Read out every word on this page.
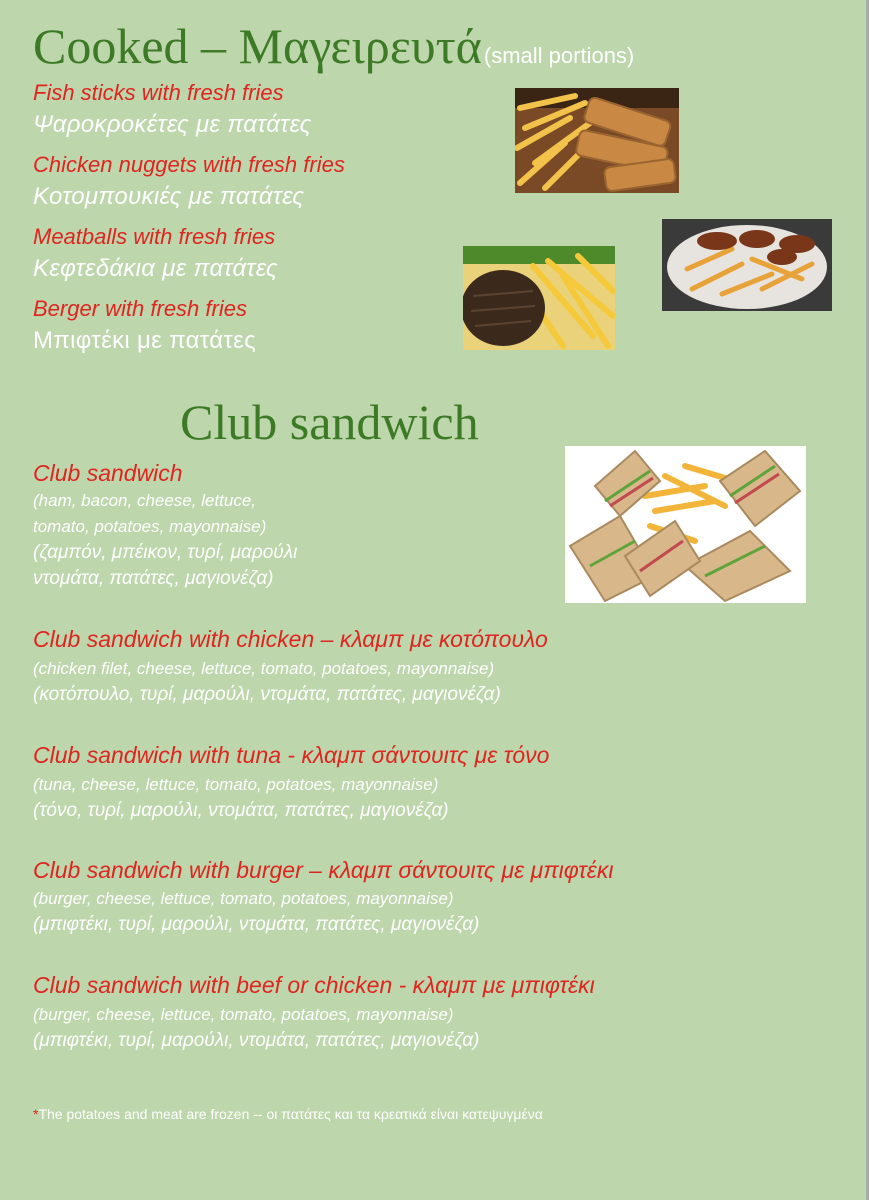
Cooked – Μαγειρευτά(small portions)
Fish sticks with fresh fries
Ψαροκροκέτες με πατάτες
Chicken nuggets with fresh fries
Κοτομπουκιές με πατάτες
Meatballs with fresh fries
Κεφτεδάκια με πατάτες
Berger with fresh fries
Μπιφτέκι με πατάτες
Club sandwich
Club sandwich
(ham, bacon, cheese, lettuce,
tomato, potatoes, mayonnaise)
(ζαμπόν, μπέικον, τυρί, μαρούλι
ντομάτα, πατάτες, μαγιονέζα)
Club sandwich with chicken – κλαμπ με κοτόπουλο
(chicken filet, cheese, lettuce, tomato, potatoes, mayonnaise)
(κοτόπουλο, τυρί, μαρούλι, ντομάτα, πατάτες, μαγιονέζα)
Club sandwich with tuna - κλαμπ σάντουιτς με τόνο
(tuna, cheese, lettuce, tomato, potatoes, mayonnaise)
(τόνο, τυρί, μαρούλι, ντομάτα, πατάτες, μαγιονέζα)
Club sandwich with burger – κλαμπ σάντουιτς με μπιφτέκι
(burger, cheese, lettuce, tomato, potatoes, mayonnaise)
(μπιφτέκι, τυρί, μαρούλι, ντομάτα, πατάτες, μαγιονέζα)
Club sandwich with beef or chicken - κλαμπ με μπιφτέκι
(burger, cheese, lettuce, tomato, potatoes, mayonnaise)
(μπιφτέκι, τυρί, μαρούλι, ντομάτα, πατάτες, μαγιονέζα)
*The potatoes and meat are frozen -- οι πατάτες και τα κρεατικά είναι κατεψυγμένα
